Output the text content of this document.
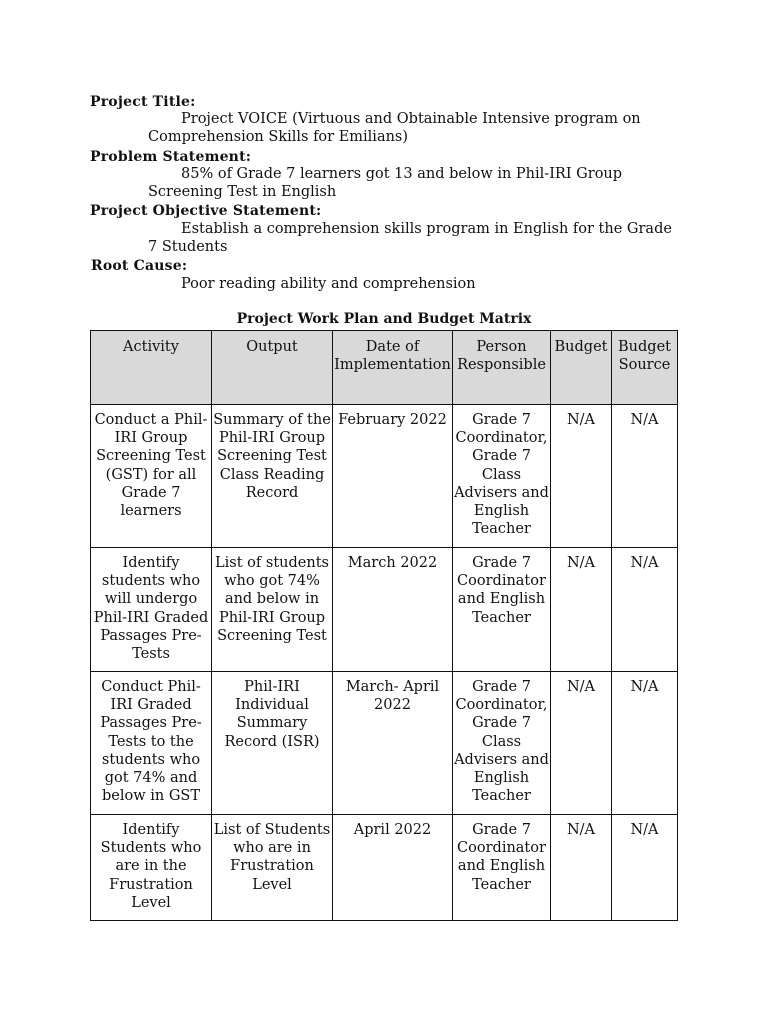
Project Title:
Project VOICE (Virtuous and Obtainable Intensive program on
Comprehension Skills for Emilians)
Problem Statement:
85% of Grade 7 learners got 13 and below in Phil-IRI Group
Screening Test in English
Project Objective Statement:
Establish a comprehension skills program in English for the Grade
7 Students
Root Cause:
Poor reading ability and comprehension
Project Work Plan and Budget Matrix
Activity	Output	Date of Implementation	Person Responsible	Budget	Budget Source

Conduct a Phil-IRI Group Screening Test (GST) for all Grade 7 learners	Summary of the Phil-IRI Group Screening Test Class Reading Record	February 2022	Grade 7 Coordinator, Grade 7 Class Advisers and English Teacher	N/A	N/A

Identify students who will undergo Phil-IRI Graded Passages Pre-Tests	List of students who got 74% and below in Phil-IRI Group Screening Test	March 2022	Grade 7 Coordinator and English Teacher	N/A	N/A

Conduct Phil-IRI Graded Passages Pre-Tests to the students who got 74% and below in GST	Phil-IRI Individual Summary Record (ISR)	March- April 2022	Grade 7 Coordinator, Grade 7 Class Advisers and English Teacher	N/A	N/A

Identify Students who are in the Frustration Level	List of Students who are in Frustration Level	April 2022	Grade 7 Coordinator and English Teacher	N/A	N/A
